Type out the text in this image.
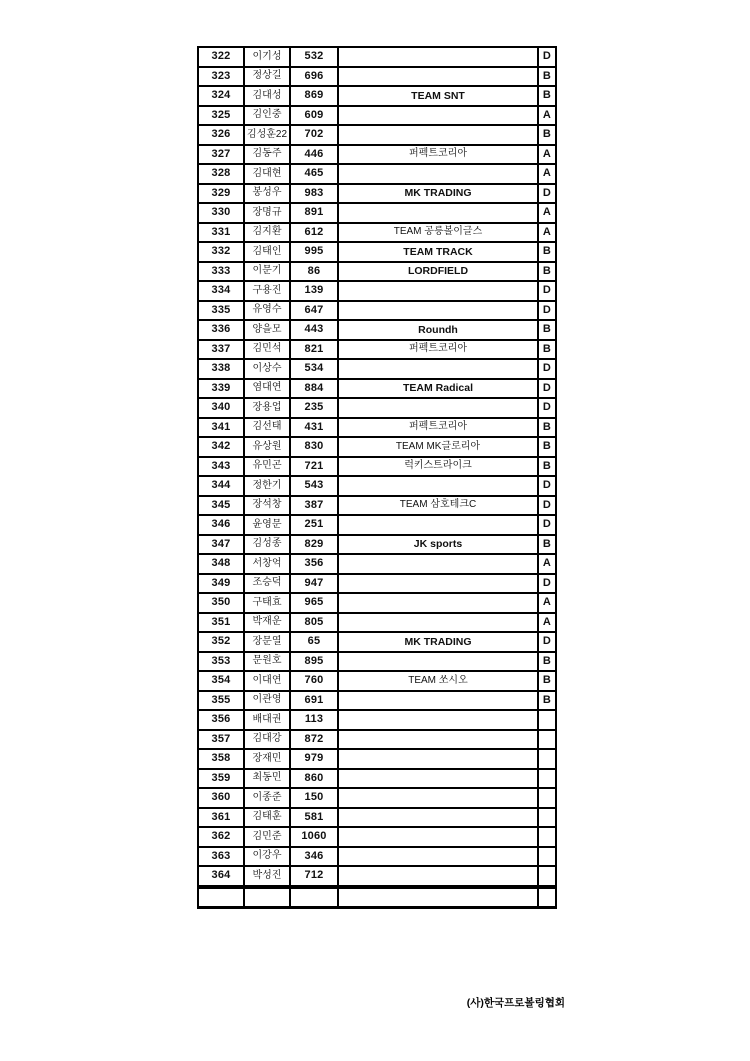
322	이기성	532		D
323	정상길	696		B
324	김대성	869	TEAM SNT	B
325	김인중	609		A
326	김성훈22	702		B
327	김동주	446	퍼펙트코리아	A
328	김대현	465		A
329	봉성우	983	MK TRADING	D
330	장명규	891		A
331	김지환	612	TEAM 공릉볼이글스	A
332	김태인	995	TEAM TRACK	B
333	이문기	86	LORDFIELD	B
334	구용진	139		D
335	유영수	647		D
336	양을모	443	Roundh	B
337	김민석	821	퍼펙트코리아	B
338	이상수	534		D
339	염대연	884	TEAM Radical	D
340	장용업	235		D
341	김선태	431	퍼펙트코리아	B
342	유상원	830	TEAM MK글로리아	B
343	유민곤	721	럭키스트라이크	B
344	정한기	543		D
345	장석창	387	TEAM 삼호테크C	D
346	윤영문	251		D
347	김성종	829	JK sports	B
348	서창억	356		A
349	조승덕	947		D
350	구태효	965		A
351	박재운	805		A
352	장문열	65	MK TRADING	D
353	문원호	895		B
354	이대연	760	TEAM 쏘시오	B
355	이관영	691		B
356	배대권	113		
357	김대강	872		
358	장재민	979		
359	최동민	860		
360	이종준	150		
361	김태훈	581		
362	김민준	1060		
363	이강우	346		
364	박성진	712		

(사)한국프로볼링협회
